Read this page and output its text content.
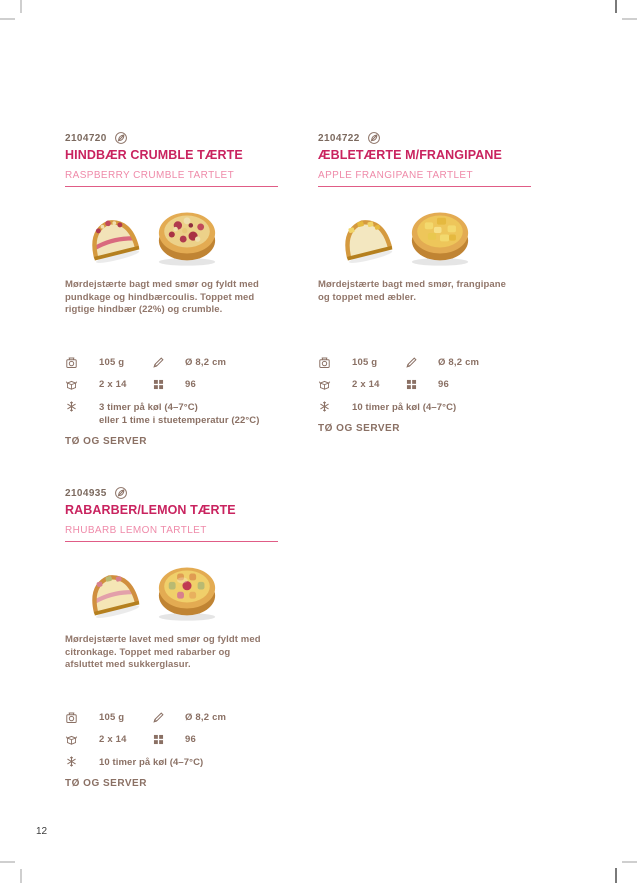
2104720
HINDBÆR CRUMBLE TÆRTE
RASPBERRY CRUMBLE TARTLET
Mørdejstærte bagt med smør og fyldt med pundkage og hindbærcoulis. Toppet med rigtige hindbær (22%) og crumble.
105 g	Ø 8,2 cm
2 x 14	96
3 timer på køl (4–7°C)
eller 1 time i stuetemperatur (22°C)
TØ OG SERVER
2104722
ÆBLETÆRTE M/FRANGIPANE
APPLE FRANGIPANE TARTLET
Mørdejstærte bagt med smør, frangipane og toppet med æbler.
105 g	Ø 8,2 cm
2 x 14	96
10 timer på køl (4–7°C)
TØ OG SERVER
2104935
RABARBER/LEMON TÆRTE
RHUBARB LEMON TARTLET
Mørdejstærte lavet med smør og fyldt med citronkage. Toppet med rabarber og afsluttet med sukkerglasur.
105 g	Ø 8,2 cm
2 x 14	96
10 timer på køl (4–7°C)
TØ OG SERVER
12
